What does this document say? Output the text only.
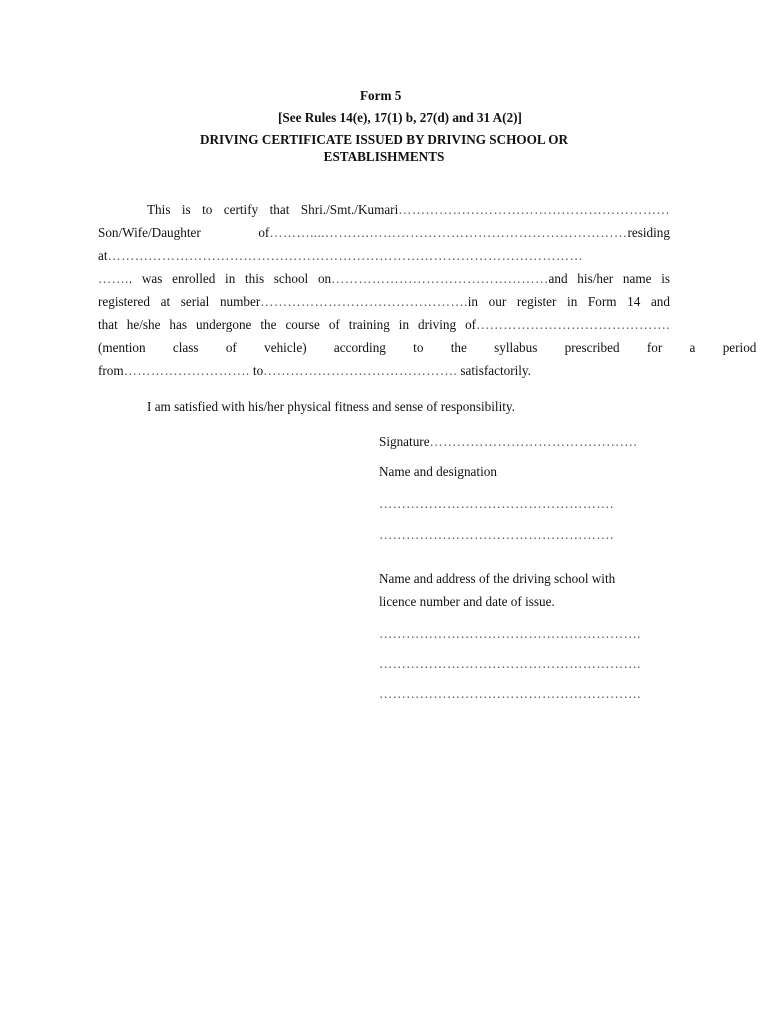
Form 5
[See Rules 14(e), 17(1) b, 27(d) and 31 A(2)]
DRIVING CERTIFICATE ISSUED BY DRIVING SCHOOL OR
ESTABLISHMENTS
This is to certify that Shri./Smt./Kumari……………………………………………………
Son/Wife/Daughter of………....……….…………………………………………………residing
at……………………………………………………………………………………………
…….. was enrolled in this school on…………………………………………and his/her name is
registered at serial number……………………………………….in our register in Form 14 and
that he/she has undergone the course of training in driving of…………………………………….
(mention class of vehicle) according to the syllabus prescribed for a period
from………………………. to……………………………………. satisfactorily.
I am satisfied with his/her physical fitness and sense of responsibility.
Signature……………………………………….
Name and designation
…………………………………………….
…………………………………………….
Name and address of the driving school with
licence number and date of issue.
………………………………………………….
………………………………………………….
………………………………………………….
